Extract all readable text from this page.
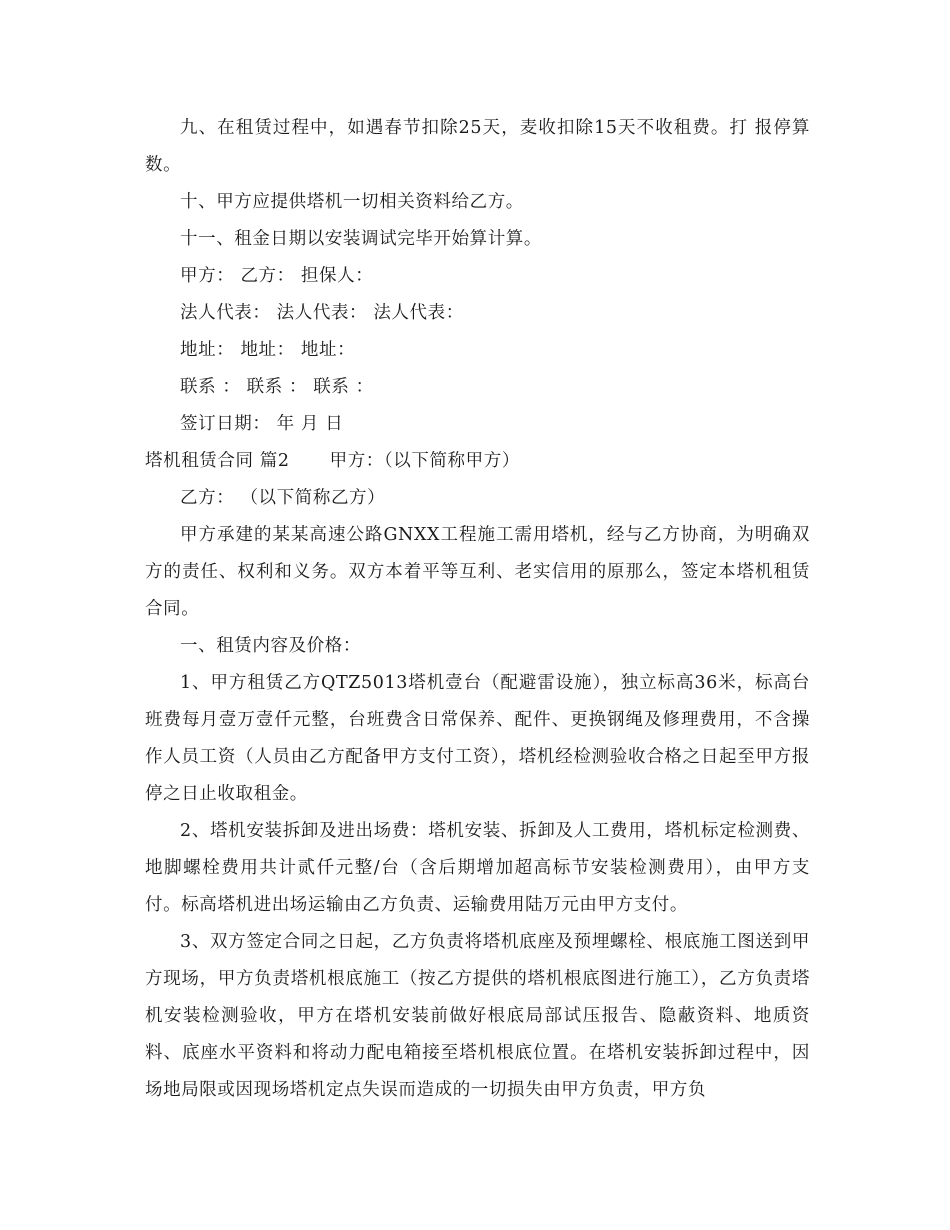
九、在租赁过程中，如遇春节扣除25天，麦收扣除15天不收租费。打 报停算数。

十、甲方应提供塔机一切相关资料给乙方。

十一、租金日期以安装调试完毕开始算计算。

甲方： 乙方： 担保人：

法人代表： 法人代表： 法人代表：

地址： 地址： 地址：

联系 ： 联系 ： 联系 ：

签订日期： 年 月 日

塔机租赁合同 篇2 甲方：（以下简称甲方）

乙方： （以下简称乙方）

甲方承建的某某高速公路GNXX工程施工需用塔机，经与乙方协商，为明确双方的责任、权利和义务。双方本着平等互利、老实信用的原那么，签定本塔机租赁合同。

一、租赁内容及价格：

1、甲方租赁乙方QTZ5013塔机壹台（配避雷设施），独立标高36米，标高台班费每月壹万壹仟元整，台班费含日常保养、配件、更换钢绳及修理费用，不含操作人员工资（人员由乙方配备甲方支付工资），塔机经检测验收合格之日起至甲方报停之日止收取租金。

2、塔机安装拆卸及进出场费：塔机安装、拆卸及人工费用，塔机标定检测费、地脚螺栓费用共计贰仟元整/台（含后期增加超高标节安装检测费用），由甲方支付。标高塔机进出场运输由乙方负责、运输费用陆万元由甲方支付。

3、双方签定合同之日起，乙方负责将塔机底座及预埋螺栓、根底施工图送到甲方现场，甲方负责塔机根底施工（按乙方提供的塔机根底图进行施工），乙方负责塔机安装检测验收，甲方在塔机安装前做好根底局部试压报告、隐蔽资料、地质资料、底座水平资料和将动力配电箱接至塔机根底位置。在塔机安装拆卸过程中，因场地局限或因现场塔机定点失误而造成的一切损失由甲方负责，甲方负
